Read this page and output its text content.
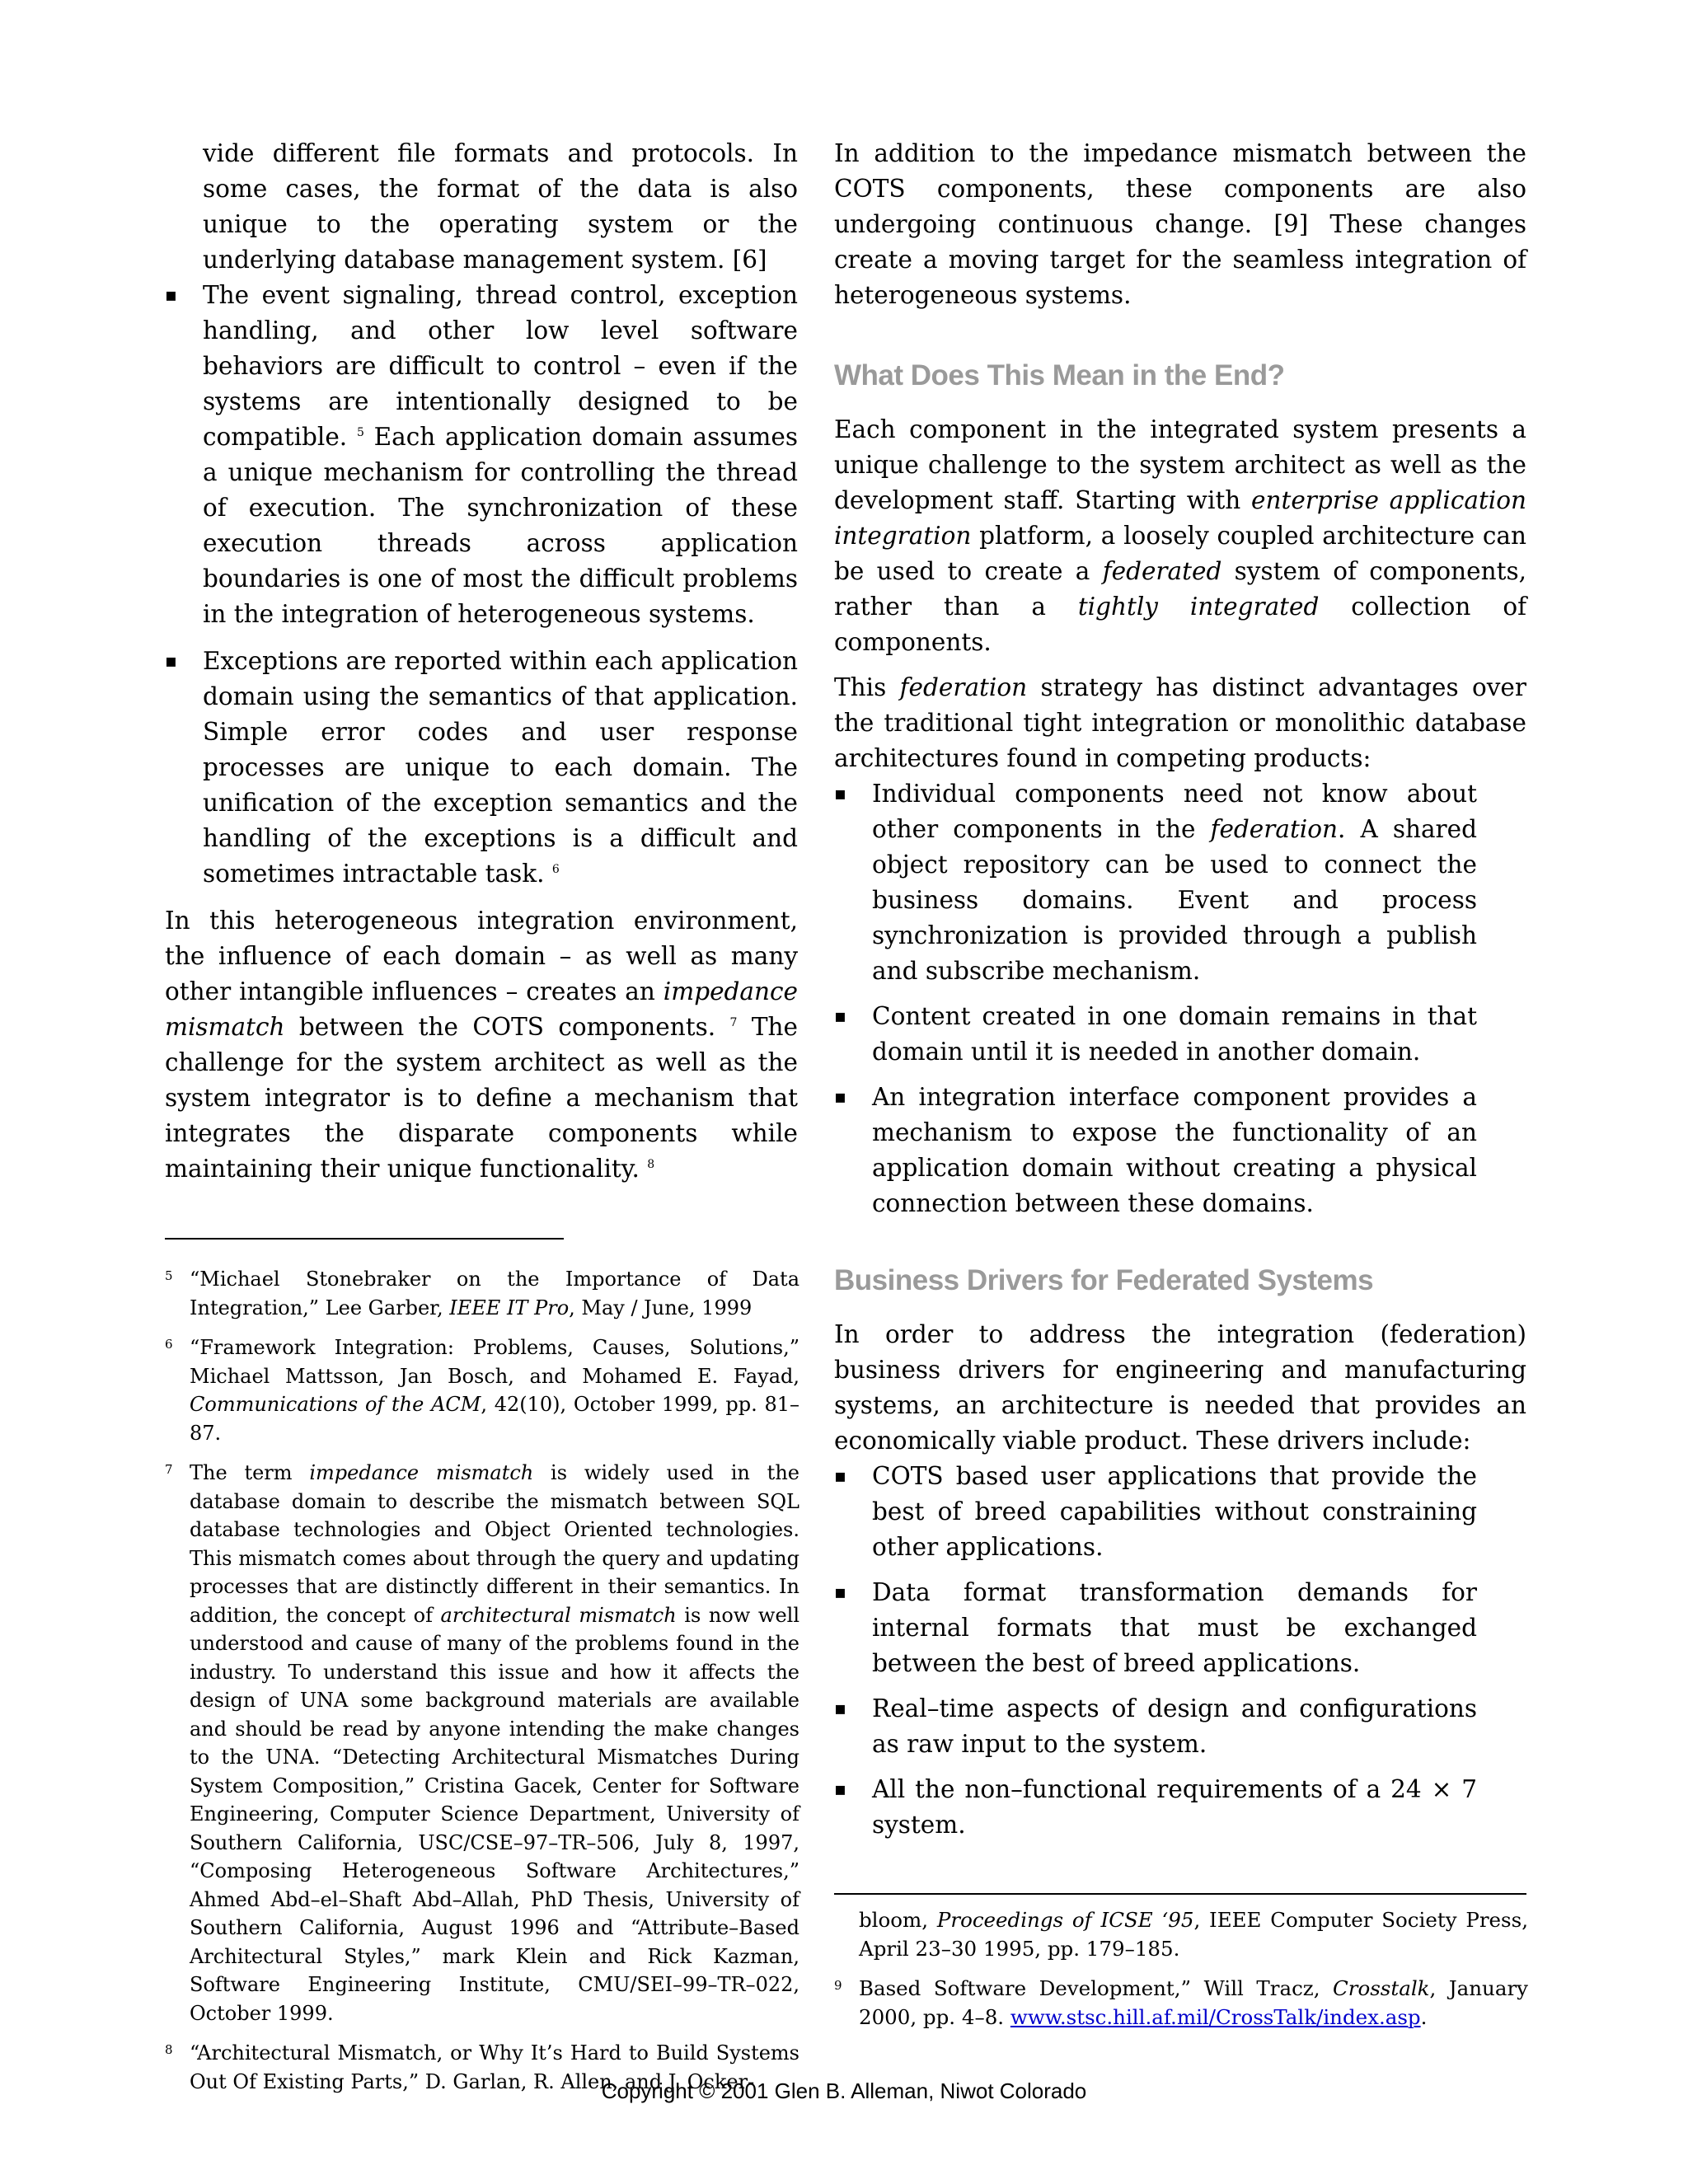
vide different file formats and protocols. In some cases, the format of the data is also unique to the operating system or the underlying database management system. [6]

▪ The event signaling, thread control, exception handling, and other low level software behaviors are difficult to control – even if the systems are intentionally designed to be compatible. $^5$ Each application domain assumes a unique mechanism for controlling the thread of execution. The synchronization of these execution threads across application boundaries is one of most the difficult problems in the integration of heterogeneous systems.
▪ Exceptions are reported within each application domain using the semantics of that application. Simple error codes and user response processes are unique to each domain. The unification of the exception semantics and the handling of the exceptions is a difficult and sometimes intractable task. $^6$

In this heterogeneous integration environment, the influence of each domain – as well as many other intangible influences – creates an impedance mismatch between the COTS components. $^7$ The challenge for the system architect as well as the system integrator is to define a mechanism that integrates the disparate components while maintaining their unique functionality. $^8$

5 “Michael Stonebraker on the Importance of Data Integration,” Lee Garber, IEEE IT Pro, May / June, 1999
6 “Framework Integration: Problems, Causes, Solutions,” Michael Mattsson, Jan Bosch, and Mohamed E. Fayad, Communications of the ACM, 42(10), October 1999, pp. 81–87.
7 The term impedance mismatch is widely used in the database domain to describe the mismatch between SQL database technologies and Object Oriented technologies. This mismatch comes about through the query and updating processes that are distinctly different in their semantics. In addition, the concept of architectural mismatch is now well understood and cause of many of the problems found in the industry. To understand this issue and how it affects the design of UNA some background materials are available and should be read by anyone intending the make changes to the UNA. “Detecting Architectural Mismatches During System Composition,” Cristina Gacek, Center for Software Engineering, Computer Science Department, University of Southern California, USC/CSE–97–TR–506, July 8, 1997, “Composing Heterogeneous Software Architectures,” Ahmed Abd–el–Shaft Abd–Allah, PhD Thesis, University of Southern California, August 1996 and “Attribute–Based Architectural Styles,” mark Klein and Rick Kazman, Software Engineering Institute, CMU/SEI–99–TR–022, October 1999.
8 “Architectural Mismatch, or Why It’s Hard to Build Systems Out Of Existing Parts,” D. Garlan, R. Allen, and J. Ocker-

In addition to the impedance mismatch between the COTS components, these components are also undergoing continuous change. [9] These changes create a moving target for the seamless integration of heterogeneous systems.

What Does This Mean in the End?

Each component in the integrated system presents a unique challenge to the system architect as well as the development staff. Starting with enterprise application integration platform, a loosely coupled architecture can be used to create a federated system of components, rather than a tightly integrated collection of components.

This federation strategy has distinct advantages over the traditional tight integration or monolithic database architectures found in competing products:

▪ Individual components need not know about other components in the federation. A shared object repository can be used to connect the business domains. Event and process synchronization is provided through a publish and subscribe mechanism.
▪ Content created in one domain remains in that domain until it is needed in another domain.
▪ An integration interface component provides a mechanism to expose the functionality of an application domain without creating a physical connection between these domains.
Business Drivers for Federated Systems

In order to address the integration (federation) business drivers for engineering and manufacturing systems, an architecture is needed that provides an economically viable product. These drivers include:

▪ COTS based user applications that provide the best of breed capabilities without constraining other applications.
▪ Data format transformation demands for internal formats that must be exchanged between the best of breed applications.
▪ Real–time aspects of design and configurations as raw input to the system.
▪ All the non–functional requirements of a 24 × 7 system.
bloom, Proceedings of ICSE ‘95, IEEE Computer Society Press, April 23–30 1995, pp. 179–185.
9 Based Software Development,” Will Tracz, Crosstalk, January 2000, pp. 4–8. www.stsc.hill.af.mil/CrossTalk/index.asp.
Copyright © 2001 Glen B. Alleman, Niwot Colorado
